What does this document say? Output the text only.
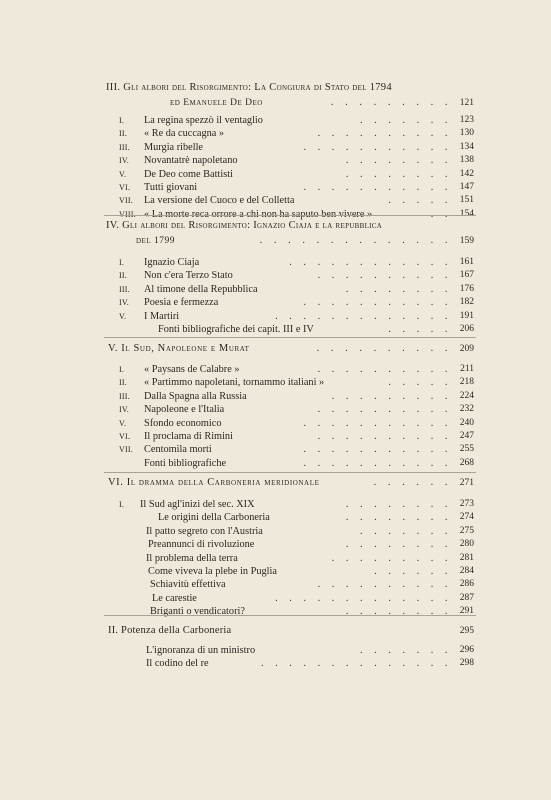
III. Gli albori del Risorgimento: La Congiura di Stato del 1794
ed Emanuele De Deo	. . . . . . . . . 121
I.	La regina spezzò il ventaglio	. . . . . . . 123
II.	« Re da cuccagna »	. . . . . . . . . . 130
III.	Murgia ribelle	. . . . . . . . . . . 134
IV.	Novantatrè napoletano	. . . . . . . . 138
V.	De Deo come Battisti	. . . . . . . . 142
VI.	Tutti giovani	. . . . . . . . . . . 147
VII.	La versione del Cuoco e del Colletta	. . . . . 151
VIII. « La morte reca orrore a chi non ha saputo ben vivere »	. . 154
IV. Gli albori del Risorgimento: Ignazio Ciaja e la repubblica
del 1799	. . . . . . . . . . . . . . 159
I.	Ignazio Ciaja	. . . . . . . . . . . . 161
II.	Non c'era Terzo Stato	. . . . . . . . . . 167
III.	Al timone della Repubblica	. . . . . . . . 176
IV.	Poesia e fermezza	. . . . . . . . . . . 182
V.	I Martiri	. . . . . . . . . . . . . 191
Fonti bibliografiche dei capit. III e IV	. . . . . 206
V. Il Sud, Napoleone e Murat	. . . . . . . . . . 209
I.	« Paysans de Calabre »	. . . . . . . . . . 211
II.	« Partimmo napoletani, tornammo italiani »	. . . . . 218
III.	Dalla Spagna alla Russia	. . . . . . . . . 224
IV.	Napoleone e l'Italia	. . . . . . . . . . 232
V.	Sfondo economico	. . . . . . . . . . . 240
VI.	Il proclama di Rimini	. . . . . . . . . . 247
VII.	Centomila morti	. . . . . . . . . . . 255
Fonti bibliografiche	. . . . . . . . . . . 268
VI. Il dramma della Carboneria meridionale	. . . . . . 271
I.	Il Sud agl'inizi del sec. XIX	. . . . . . . . 273
Le origini della Carboneria	. . . . . . . . 274
Il patto segreto con l'Austria	. . . . . . . 275
Preannunci di rivoluzione	. . . . . . . . 280
Il problema della terra	. . . . . . . . . 281
Come viveva la plebe in Puglia	. . . . . . 284
Schiavitù effettiva	. . . . . . . . . . 286
Le carestie	. . . . . . . . . . . . . 287
Briganti o vendicatori?	. . . . . . . . 291
II. Potenza della Carboneria	295
L'ignoranza di un ministro	. . . . . . . 296
Il codino del re	. . . . . . . . . . . . . . 298
